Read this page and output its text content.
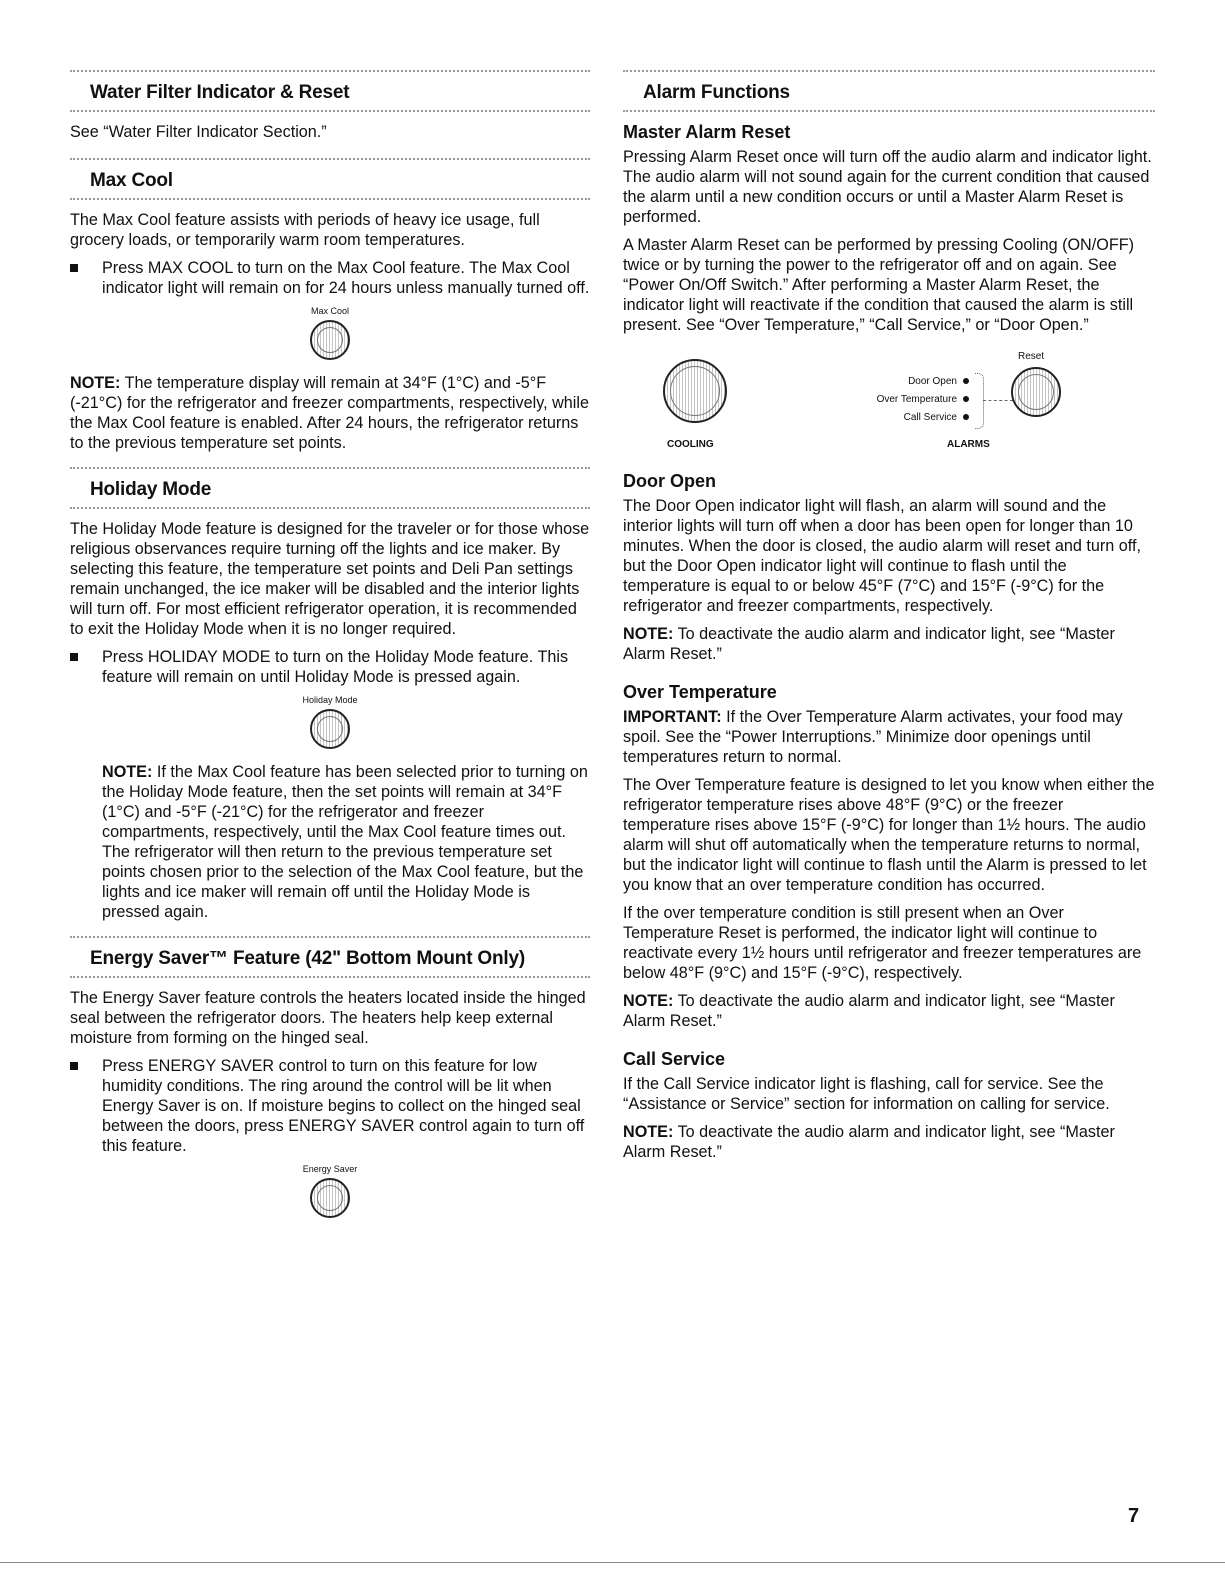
Water Filter Indicator & Reset

See “Water Filter Indicator Section.”

Max Cool

The Max Cool feature assists with periods of heavy ice usage, full grocery loads, or temporarily warm room temperatures.

Press MAX COOL to turn on the Max Cool feature. The Max Cool indicator light will remain on for 24 hours unless manually turned off.

Max Cool

NOTE: The temperature display will remain at 34°F (1°C) and -5°F (-21°C) for the refrigerator and freezer compartments, respectively, while the Max Cool feature is enabled. After 24 hours, the refrigerator returns to the previous temperature set points.

Holiday Mode

The Holiday Mode feature is designed for the traveler or for those whose religious observances require turning off the lights and ice maker. By selecting this feature, the temperature set points and Deli Pan settings remain unchanged, the ice maker will be disabled and the interior lights will turn off. For most efficient refrigerator operation, it is recommended to exit the Holiday Mode when it is no longer required.

Press HOLIDAY MODE to turn on the Holiday Mode feature. This feature will remain on until Holiday Mode is pressed again.

Holiday Mode

NOTE: If the Max Cool feature has been selected prior to turning on the Holiday Mode feature, then the set points will remain at 34°F (1°C) and -5°F (-21°C) for the refrigerator and freezer compartments, respectively, until the Max Cool feature times out. The refrigerator will then return to the previous temperature set points chosen prior to the selection of the Max Cool feature, but the lights and ice maker will remain off until the Holiday Mode is pressed again.

Energy Saver™ Feature (42" Bottom Mount Only)

The Energy Saver feature controls the heaters located inside the hinged seal between the refrigerator doors. The heaters help keep external moisture from forming on the hinged seal.

Press ENERGY SAVER control to turn on this feature for low humidity conditions. The ring around the control will be lit when Energy Saver is on. If moisture begins to collect on the hinged seal between the doors, press ENERGY SAVER control again to turn off this feature.

Energy Saver
Alarm Functions
Master Alarm Reset

Pressing Alarm Reset once will turn off the audio alarm and indicator light. The audio alarm will not sound again for the current condition that caused the alarm until a new condition occurs or until a Master Alarm Reset is performed.

A Master Alarm Reset can be performed by pressing Cooling (ON/OFF) twice or by turning the power to the refrigerator off and on again. See “Power On/Off Switch.” After performing a Master Alarm Reset, the indicator light will reactivate if the condition that caused the alarm is still present. See “Over Temperature,” “Call Service,” or “Door Open.”

COOLING
Reset
Door Open
Over Temperature
Call Service
ALARMS
Door Open

The Door Open indicator light will flash, an alarm will sound and the interior lights will turn off when a door has been open for longer than 10 minutes. When the door is closed, the audio alarm will reset and turn off, but the Door Open indicator light will continue to flash until the temperature is equal to or below 45°F (7°C) and 15°F (-9°C) for the refrigerator and freezer compartments, respectively.

NOTE: To deactivate the audio alarm and indicator light, see “Master Alarm Reset.”

Over Temperature

IMPORTANT: If the Over Temperature Alarm activates, your food may spoil. See the “Power Interruptions.” Minimize door openings until temperatures return to normal.

The Over Temperature feature is designed to let you know when either the refrigerator temperature rises above 48°F (9°C) or the freezer temperature rises above 15°F (-9°C) for longer than 1½ hours. The audio alarm will shut off automatically when the temperature returns to normal, but the indicator light will continue to flash until the Alarm is pressed to let you know that an over temperature condition has occurred.

If the over temperature condition is still present when an Over Temperature Reset is performed, the indicator light will continue to reactivate every 1½ hours until refrigerator and freezer temperatures are below 48°F (9°C) and 15°F (-9°C), respectively.

NOTE: To deactivate the audio alarm and indicator light, see “Master Alarm Reset.”

Call Service

If the Call Service indicator light is flashing, call for service. See the “Assistance or Service” section for information on calling for service.

NOTE: To deactivate the audio alarm and indicator light, see “Master Alarm Reset.”

7
